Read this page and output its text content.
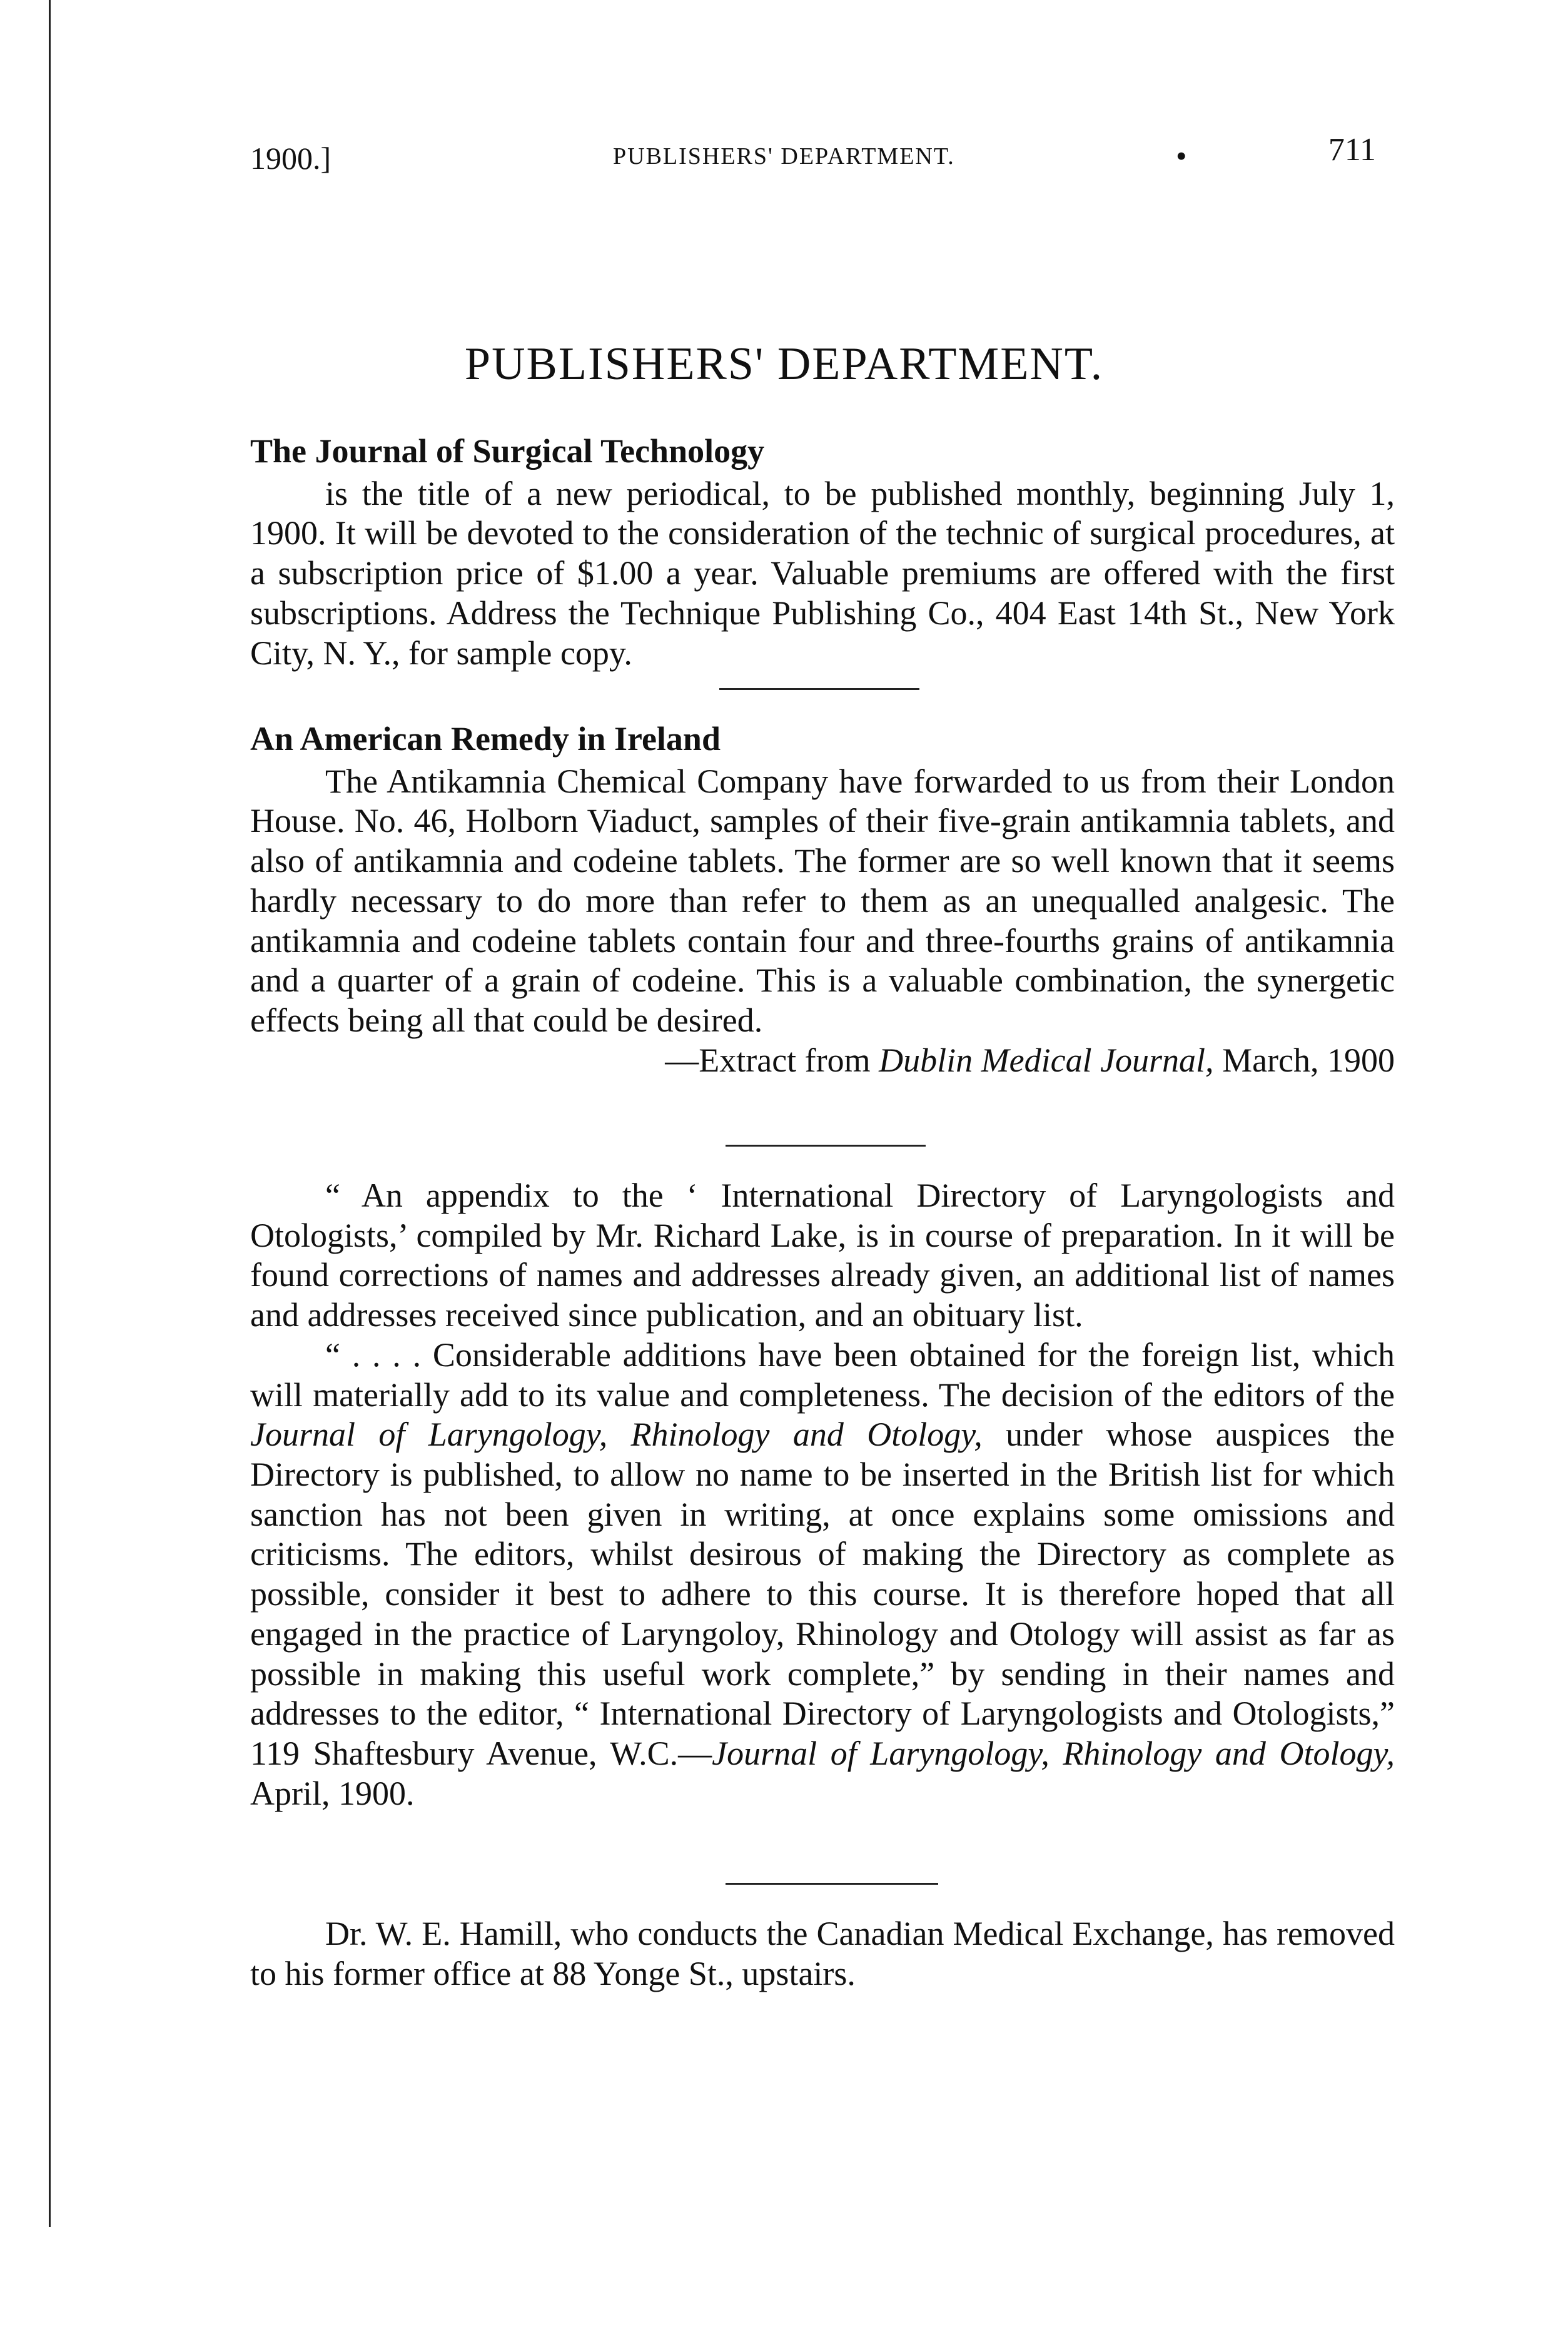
1900.]	PUBLISHERS' DEPARTMENT.	•	711
PUBLISHERS' DEPARTMENT.
The Journal of Surgical Technology

is the title of a new periodical, to be published monthly, beginning July 1, 1900. It will be devoted to the consideration of the technic of surgical procedures, at a subscription price of $1.00 a year. Valuable premiums are offered with the first subscriptions. Address the Technique Publishing Co., 404 East 14th St., New York City, N. Y., for sample copy.

An American Remedy in Ireland

The Antikamnia Chemical Company have forwarded to us from their London House. No. 46, Holborn Viaduct, samples of their five-grain antikamnia tablets, and also of antikamnia and codeine tablets. The former are so well known that it seems hardly necessary to do more than refer to them as an unequalled analgesic. The antikamnia and codeine tablets contain four and three-fourths grains of antikamnia and a quarter of a grain of codeine. This is a valuable combination, the synergetic effects being all that could be desired.

—Extract from Dublin Medical Journal, March, 1900

“ An appendix to the ‘ International Directory of Laryngologists and Otologists,’ compiled by Mr. Richard Lake, is in course of preparation. In it will be found corrections of names and addresses already given, an additional list of names and addresses received since publication, and an obituary list.

“ . . . . Considerable additions have been obtained for the foreign list, which will materially add to its value and completeness. The decision of the editors of the Journal of Laryngology, Rhinology and Otology, under whose auspices the Directory is published, to allow no name to be inserted in the British list for which sanction has not been given in writing, at once explains some omissions and criticisms. The editors, whilst desirous of making the Directory as complete as possible, consider it best to adhere to this course. It is therefore hoped that all engaged in the practice of Laryngoloy, Rhinology and Otology will assist as far as possible in making this useful work complete,” by sending in their names and addresses to the editor, “ International Directory of Laryngologists and Otologists,” 119 Shaftesbury Avenue, W.C.—Journal of Laryngology, Rhinology and Otology, April, 1900.

Dr. W. E. Hamill, who conducts the Canadian Medical Exchange, has removed to his former office at 88 Yonge St., upstairs.
